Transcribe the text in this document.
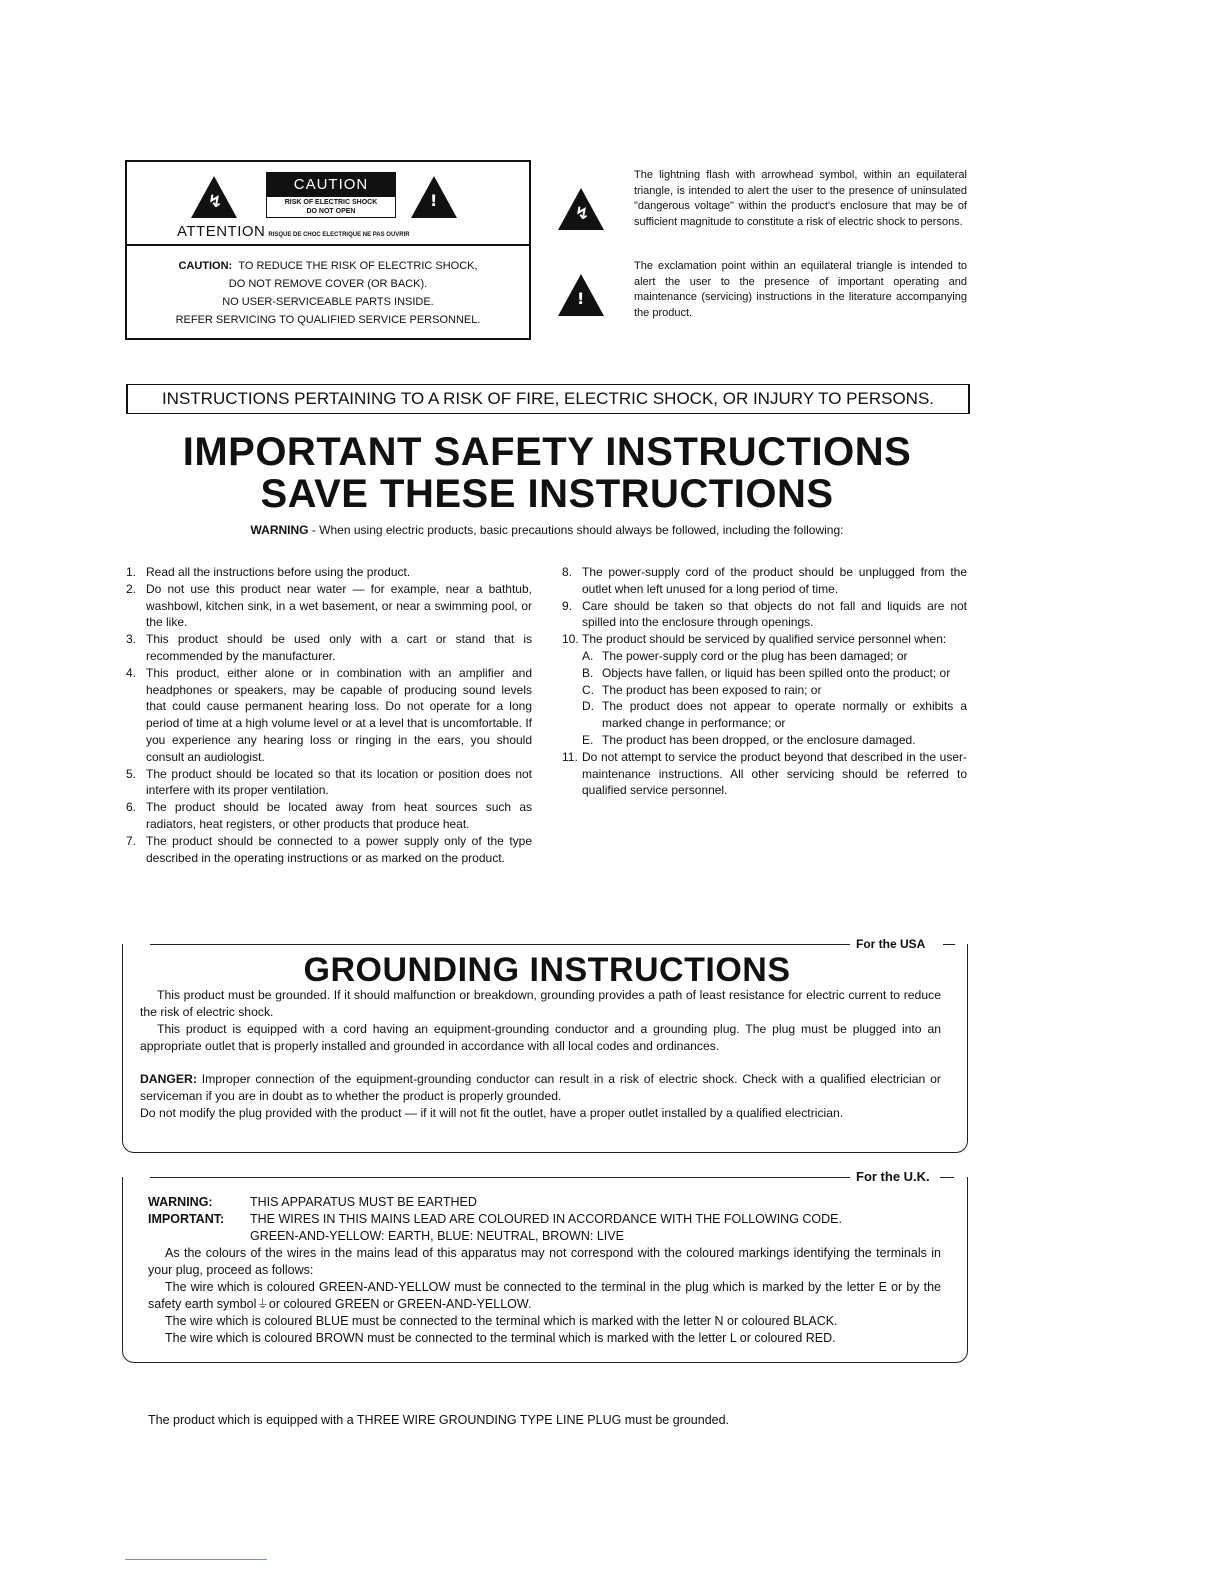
↯
CAUTION
RISK OF ELECTRIC SHOCK
DO NOT OPEN
!
ATTENTION RISQUE DE CHOC ELECTRIQUE NE PAS OUVRIR
CAUTION: TO REDUCE THE RISK OF ELECTRIC SHOCK,
DO NOT REMOVE COVER (OR BACK).
NO USER-SERVICEABLE PARTS INSIDE.
REFER SERVICING TO QUALIFIED SERVICE PERSONNEL.
↯
The lightning flash with arrowhead symbol, within an equilateral triangle, is intended to alert the user to the presence of uninsulated "dangerous voltage" within the product's enclosure that may be of sufficient magnitude to constitute a risk of electric shock to persons.
!
The exclamation point within an equilateral triangle is intended to alert the user to the presence of important operating and maintenance (servicing) instructions in the literature accompanying the product.
INSTRUCTIONS PERTAINING TO A RISK OF FIRE, ELECTRIC SHOCK, OR INJURY TO PERSONS.
IMPORTANT SAFETY INSTRUCTIONS
SAVE THESE INSTRUCTIONS
WARNING - When using electric products, basic precautions should always be followed, including the following:
1. Read all the instructions before using the product.
2. Do not use this product near water — for example, near a bathtub, washbowl, kitchen sink, in a wet basement, or near a swimming pool, or the like.
3. This product should be used only with a cart or stand that is recommended by the manufacturer.
4. This product, either alone or in combination with an amplifier and headphones or speakers, may be capable of producing sound levels that could cause permanent hearing loss. Do not operate for a long period of time at a high volume level or at a level that is uncomfortable. If you experience any hearing loss or ringing in the ears, you should consult an audiologist.
5. The product should be located so that its location or position does not interfere with its proper ventilation.
6. The product should be located away from heat sources such as radiators, heat registers, or other products that produce heat.
7. The product should be connected to a power supply only of the type described in the operating instructions or as marked on the product.
8. The power-supply cord of the product should be unplugged from the outlet when left unused for a long period of time.
9. Care should be taken so that objects do not fall and liquids are not spilled into the enclosure through openings.
10. The product should be serviced by qualified service personnel when:
A. The power-supply cord or the plug has been damaged; or
B. Objects have fallen, or liquid has been spilled onto the product; or
C. The product has been exposed to rain; or
D. The product does not appear to operate normally or exhibits a marked change in performance; or
E. The product has been dropped, or the enclosure damaged.
11. Do not attempt to service the product beyond that described in the user-maintenance instructions. All other servicing should be referred to qualified service personnel.
For the USA
GROUNDING INSTRUCTIONS
This product must be grounded. If it should malfunction or breakdown, grounding provides a path of least resistance for electric current to reduce the risk of electric shock.
This product is equipped with a cord having an equipment-grounding conductor and a grounding plug. The plug must be plugged into an appropriate outlet that is properly installed and grounded in accordance with all local codes and ordinances.
DANGER: Improper connection of the equipment-grounding conductor can result in a risk of electric shock. Check with a qualified electrician or serviceman if you are in doubt as to whether the product is properly grounded.
Do not modify the plug provided with the product — if it will not fit the outlet, have a proper outlet installed by a qualified electrician.
For the U.K.
WARNING:	THIS APPARATUS MUST BE EARTHED
IMPORTANT: THE WIRES IN THIS MAINS LEAD ARE COLOURED IN ACCORDANCE WITH THE FOLLOWING CODE.
GREEN-AND-YELLOW: EARTH, BLUE: NEUTRAL, BROWN: LIVE
As the colours of the wires in the mains lead of this apparatus may not correspond with the coloured markings identifying the terminals in your plug, proceed as follows:
The wire which is coloured GREEN-AND-YELLOW must be connected to the terminal in the plug which is marked by the letter E or by the safety earth symbol⏚or coloured GREEN or GREEN-AND-YELLOW.
The wire which is coloured BLUE must be connected to the terminal which is marked with the letter N or coloured BLACK.
The wire which is coloured BROWN must be connected to the terminal which is marked with the letter L or coloured RED.
The product which is equipped with a THREE WIRE GROUNDING TYPE LINE PLUG must be grounded.
